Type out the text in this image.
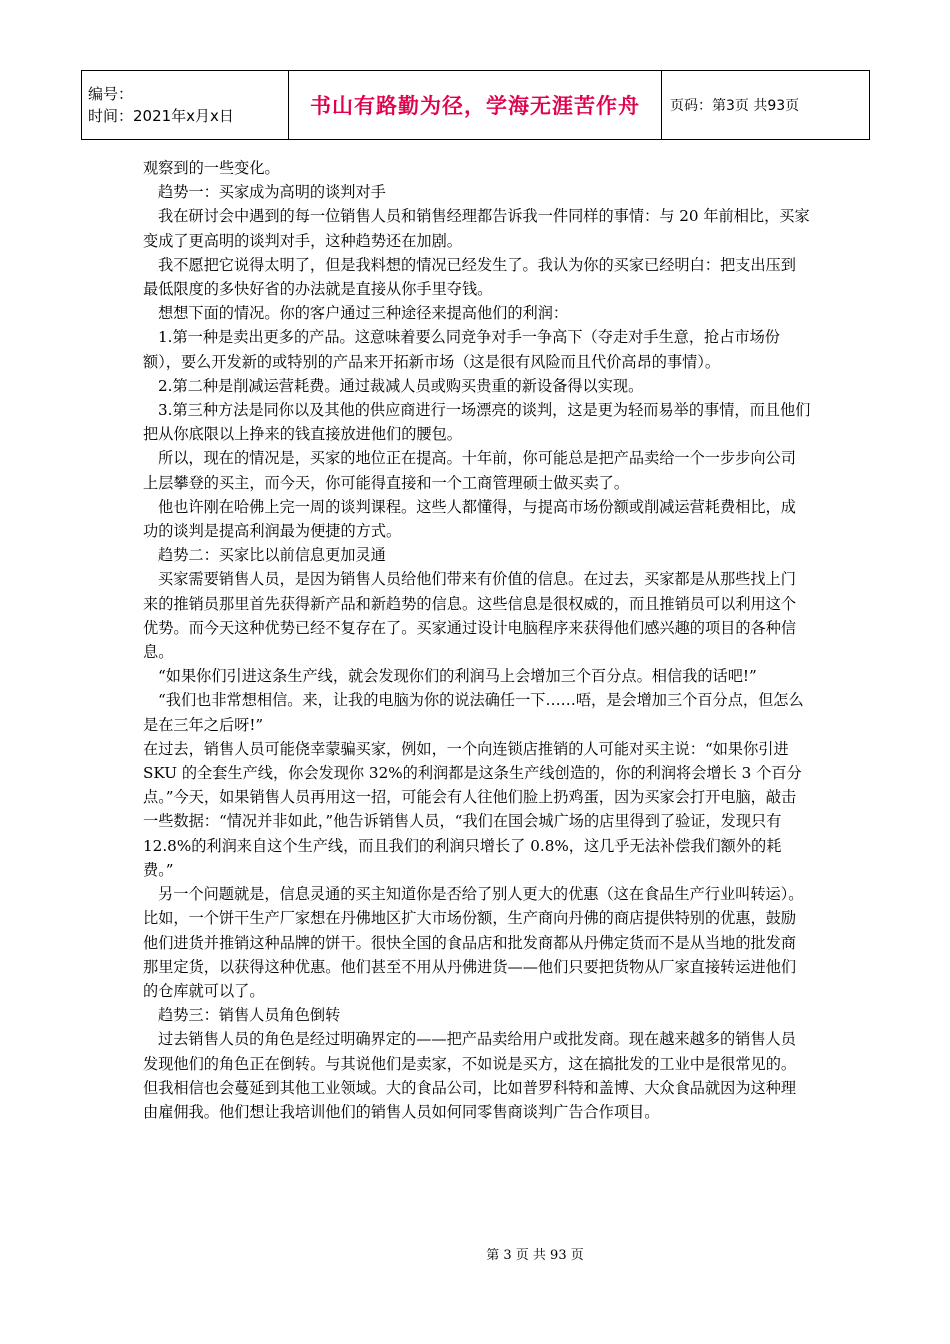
编号：
时间：2021年x月x日	书山有路勤为径，学海无涯苦作舟	页码：第3页 共93页

观察到的一些变化。

趋势一：买家成为高明的谈判对手

我在研讨会中遇到的每一位销售人员和销售经理都告诉我一件同样的事情：与 20 年前相比，买家变成了更高明的谈判对手，这种趋势还在加剧。

我不愿把它说得太明了，但是我料想的情况已经发生了。我认为你的买家已经明白：把支出压到最低限度的多快好省的办法就是直接从你手里夺钱。

想想下面的情况。你的客户通过三种途径来提高他们的利润：

1.第一种是卖出更多的产品。这意味着要么同竞争对手一争高下（夺走对手生意，抢占市场份额），要么开发新的或特别的产品来开拓新市场（这是很有风险而且代价高昂的事情）。

2.第二种是削减运营耗费。通过裁减人员或购买贵重的新设备得以实现。

3.第三种方法是同你以及其他的供应商进行一场漂亮的谈判，这是更为轻而易举的事情，而且他们把从你底限以上挣来的钱直接放进他们的腰包。

所以，现在的情况是，买家的地位正在提高。十年前，你可能总是把产品卖给一个一步步向公司上层攀登的买主，而今天，你可能得直接和一个工商管理硕士做买卖了。

他也许刚在哈佛上完一周的谈判课程。这些人都懂得，与提高市场份额或削减运营耗费相比，成功的谈判是提高利润最为便捷的方式。

趋势二：买家比以前信息更加灵通

买家需要销售人员，是因为销售人员给他们带来有价值的信息。在过去，买家都是从那些找上门来的推销员那里首先获得新产品和新趋势的信息。这些信息是很权威的，而且推销员可以利用这个优势。而今天这种优势已经不复存在了。买家通过设计电脑程序来获得他们感兴趣的项目的各种信息。

“如果你们引进这条生产线，就会发现你们的利润马上会增加三个百分点。相信我的话吧!”

“我们也非常想相信。来，让我的电脑为你的说法确任一下……唔，是会增加三个百分点，但怎么是在三年之后呀!”

在过去，销售人员可能侥幸蒙骗买家，例如，一个向连锁店推销的人可能对买主说：“如果你引进 SKU 的全套生产线，你会发现你 32%的利润都是这条生产线创造的，你的利润将会增长 3 个百分点。”今天，如果销售人员再用这一招，可能会有人往他们脸上扔鸡蛋，因为买家会打开电脑，敲击一些数据：“情况并非如此，”他告诉销售人员，“我们在国会城广场的店里得到了验证，发现只有 12.8%的利润来自这个生产线，而且我们的利润只增长了 0.8%，这几乎无法补偿我们额外的耗费。”

另一个问题就是，信息灵通的买主知道你是否给了别人更大的优惠（这在食品生产行业叫转运）。比如，一个饼干生产厂家想在丹佛地区扩大市场份额，生产商向丹佛的商店提供特别的优惠，鼓励他们进货并推销这种品牌的饼干。很快全国的食品店和批发商都从丹佛定货而不是从当地的批发商那里定货，以获得这种优惠。他们甚至不用从丹佛进货——他们只要把货物从厂家直接转运进他们的仓库就可以了。

趋势三：销售人员角色倒转

过去销售人员的角色是经过明确界定的——把产品卖给用户或批发商。现在越来越多的销售人员发现他们的角色正在倒转。与其说他们是卖家，不如说是买方，这在搞批发的工业中是很常见的。但我相信也会蔓延到其他工业领域。大的食品公司，比如普罗科特和盖博、大众食品就因为这种理由雇佣我。他们想让我培训他们的销售人员如何同零售商谈判广告合作项目。

第 3 页 共 93 页
